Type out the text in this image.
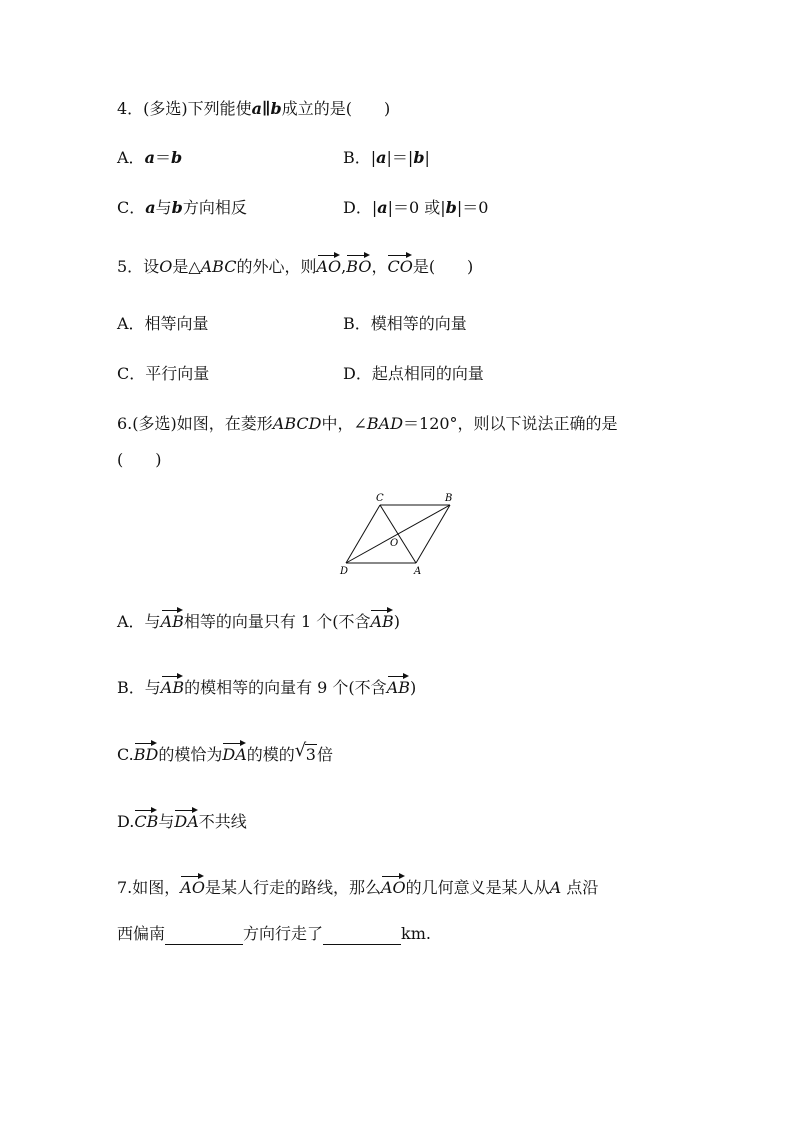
4．(多选)下列能使a∥b成立的是(　　)
A．a＝b	B．|a|＝|b|
C．a与b方向相反	D．|a|＝0 或|b|＝0
5．设O是△ABC的外心，则AO,BO，CO是(　　)
A．相等向量	B．模相等的向量
C．平行向量	D．起点相同的向量
6.(多选)如图，在菱形ABCD中，∠BAD＝120°，则以下说法正确的是
(　　)
C	B
O
D	A
A．与AB相等的向量只有 1 个(不含AB)
B．与AB的模相等的向量有 9 个(不含AB)
C.BD的模恰为DA的模的 √ 3倍
D.CB与DA不共线
7.如图，AO是某人行走的路线，那么AO的几何意义是某人从A 点沿
西偏南	方向行走了	km.
